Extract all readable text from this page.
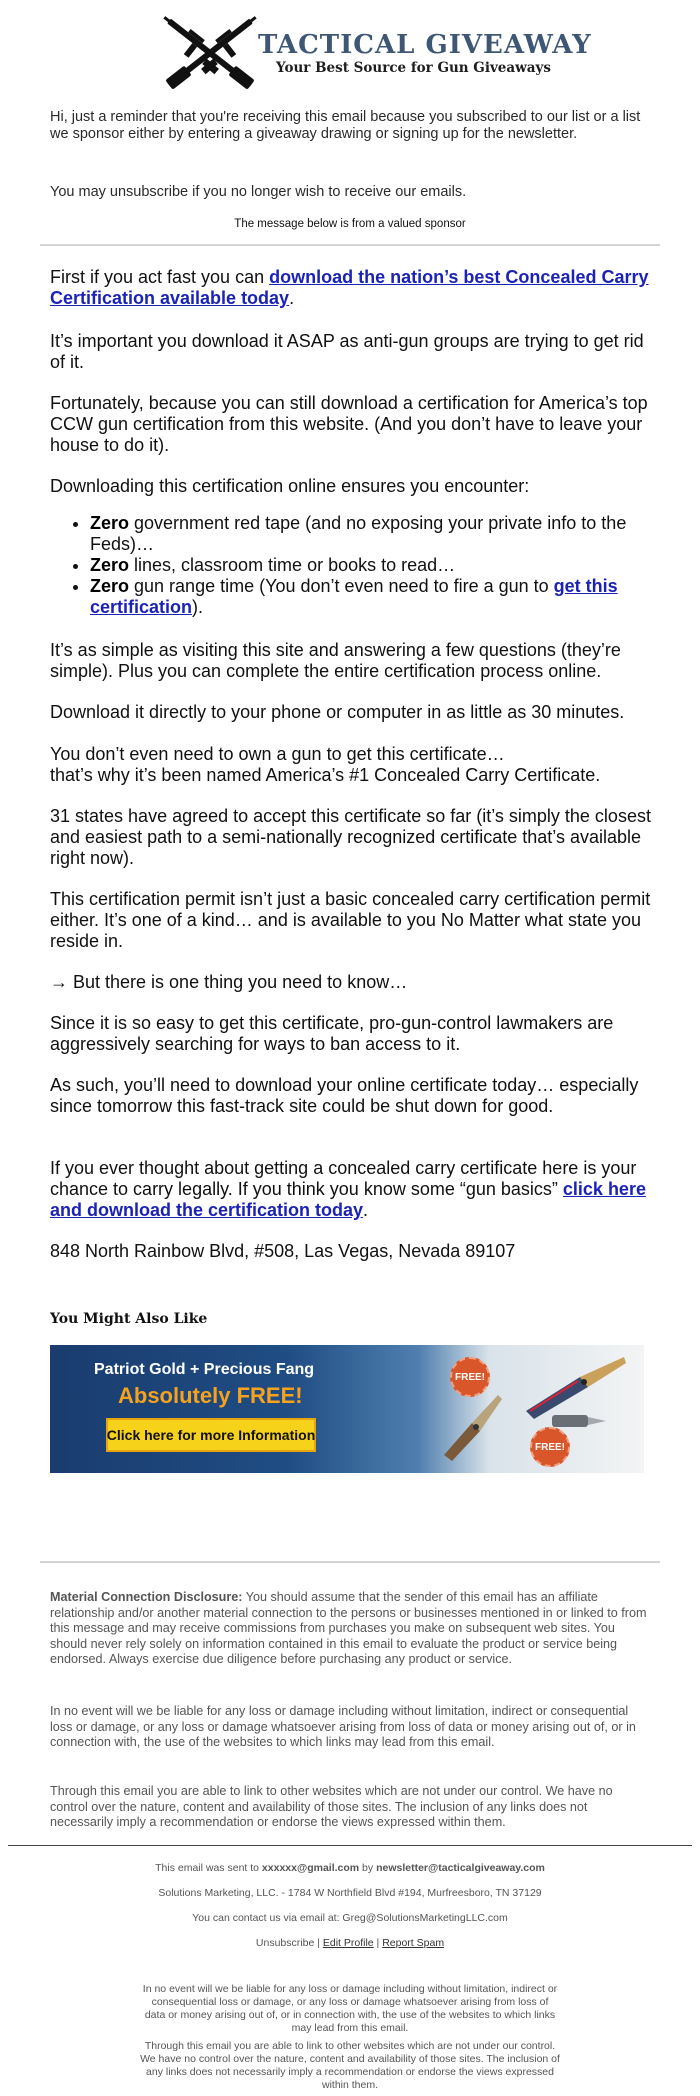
TACTICAL GIVEAWAY
Your Best Source for Gun Giveaways
Hi, just a reminder that you're receiving this email because you subscribed to our list or a list we sponsor either by entering a giveaway drawing or signing up for the newsletter.
You may unsubscribe if you no longer wish to receive our emails.
The message below is from a valued sponsor

First if you act fast you can download the nation’s best Concealed Carry Certification available today.

It’s important you download it ASAP as anti-gun groups are trying to get rid of it.

Fortunately, because you can still download a certification for America’s top CCW gun certification from this website. (And you don’t have to leave your house to do it).

Downloading this certification online ensures you encounter:

• Zero government red tape (and no exposing your private info to the Feds)…
• Zero lines, classroom time or books to read…
• Zero gun range time (You don’t even need to fire a gun to get this certification).

It’s as simple as visiting this site and answering a few questions (they’re simple). Plus you can complete the entire certification process online.

Download it directly to your phone or computer in as little as 30 minutes.

You don’t even need to own a gun to get this certificate…
that’s why it’s been named America’s #1 Concealed Carry Certificate.

31 states have agreed to accept this certificate so far (it’s simply the closest and easiest path to a semi-nationally recognized certificate that’s available right now).

This certification permit isn’t just a basic concealed carry certification permit either. It’s one of a kind… and is available to you No Matter what state you reside in.

→ But there is one thing you need to know…

Since it is so easy to get this certificate, pro-gun-control lawmakers are aggressively searching for ways to ban access to it.

As such, you’ll need to download your online certificate today… especially since tomorrow this fast-track site could be shut down for good.

If you ever thought about getting a concealed carry certificate here is your chance to carry legally. If you think you know some “gun basics” click here and download the certification today.

848 North Rainbow Blvd, #508, Las Vegas, Nevada 89107

You Might Also Like
Patriot Gold + Precious Fang
Absolutely FREE!
Click here for more Information
FREE!
FREE!

Material Connection Disclosure: You should assume that the sender of this email has an affiliate relationship and/or another material connection to the persons or businesses mentioned in or linked to from this message and may receive commissions from purchases you make on subsequent web sites. You should never rely solely on information contained in this email to evaluate the product or service being endorsed. Always exercise due diligence before purchasing any product or service.

In no event will we be liable for any loss or damage including without limitation, indirect or consequential loss or damage, or any loss or damage whatsoever arising from loss of data or money arising out of, or in connection with, the use of the websites to which links may lead from this email.

Through this email you are able to link to other websites which are not under our control. We have no control over the nature, content and availability of those sites. The inclusion of any links does not necessarily imply a recommendation or endorse the views expressed within them.

This email was sent to xxxxxx@gmail.com by newsletter@tacticalgiveaway.com
Solutions Marketing, LLC. - 1784 W Northfield Blvd #194, Murfreesboro, TN 37129
You can contact us via email at: Greg@SolutionsMarketingLLC.com
Unsubscribe | Edit Profile | Report Spam
In no event will we be liable for any loss or damage including without limitation, indirect or consequential loss or damage, or any loss or damage whatsoever arising from loss of data or money arising out of, or in connection with, the use of the websites to which links may lead from this email.
Through this email you are able to link to other websites which are not under our control. We have no control over the nature, content and availability of those sites. The inclusion of any links does not necessarily imply a recommendation or endorse the views expressed within them.
